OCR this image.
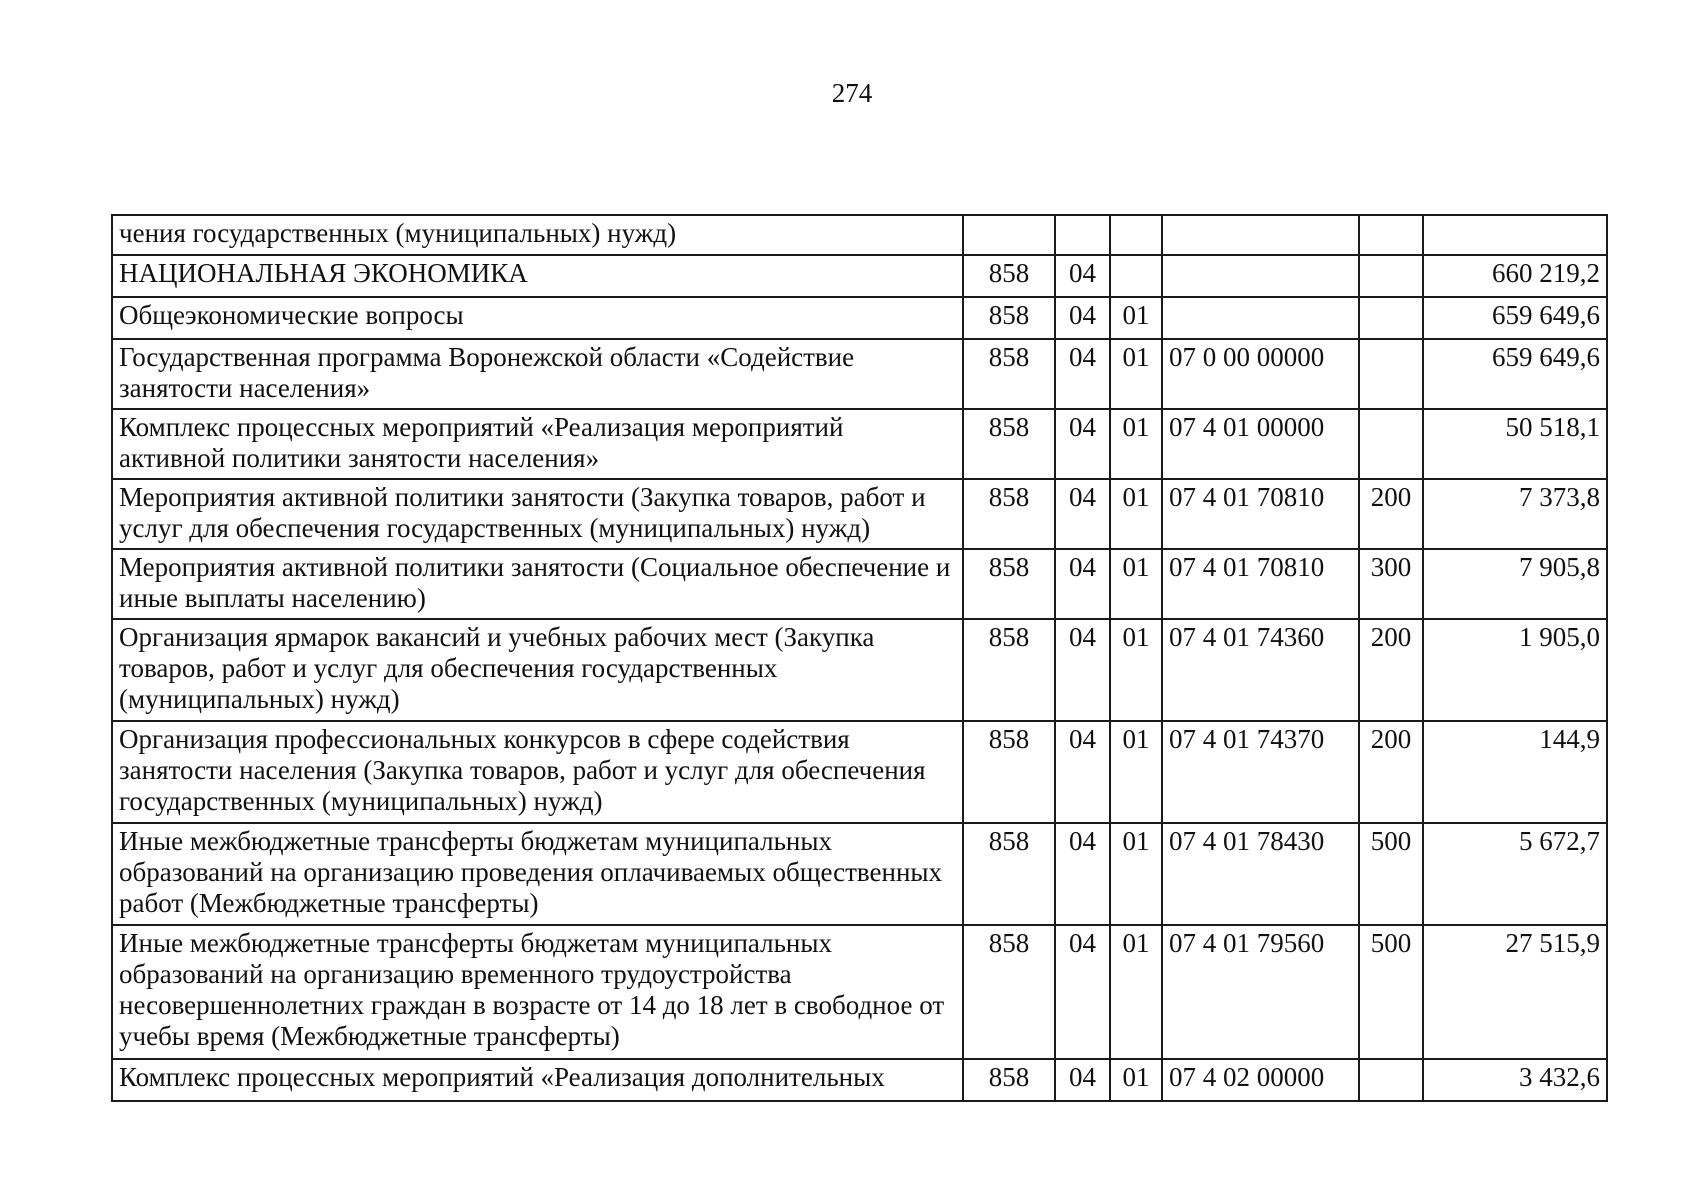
274
чения государственных (муниципальных) нужд)						
НАЦИОНАЛЬНАЯ ЭКОНОМИКА	858	04				660 219,2
Общеэкономические вопросы	858	04	01			659 649,6
Государственная программа Воронежской области «Содействие занятости населения»	858	04	01	07 0 00 00000		659 649,6
Комплекс процессных мероприятий «Реализация мероприятий активной политики занятости населения»	858	04	01	07 4 01 00000		50 518,1
Мероприятия активной политики занятости (Закупка товаров, работ и услуг для обеспечения государственных (муниципальных) нужд)	858	04	01	07 4 01 70810	200	7 373,8
Мероприятия активной политики занятости (Социальное обеспечение и иные выплаты населению)	858	04	01	07 4 01 70810	300	7 905,8
Организация ярмарок вакансий и учебных рабочих мест (Закупка товаров, работ и услуг для обеспечения государственных (муниципальных) нужд)	858	04	01	07 4 01 74360	200	1 905,0
Организация профессиональных конкурсов в сфере содействия занятости населения (Закупка товаров, работ и услуг для обеспечения государственных (муниципальных) нужд)	858	04	01	07 4 01 74370	200	144,9
Иные межбюджетные трансферты бюджетам муниципальных образований на организацию проведения оплачиваемых общественных работ (Межбюджетные трансферты)	858	04	01	07 4 01 78430	500	5 672,7
Иные межбюджетные трансферты бюджетам муниципальных образований на организацию временного трудоустройства несовершеннолетних граждан в возрасте от 14 до 18 лет в свободное от учебы время (Межбюджетные трансферты)	858	04	01	07 4 01 79560	500	27 515,9
Комплекс процессных мероприятий «Реализация дополнительных	858	04	01	07 4 02 00000		3 432,6
